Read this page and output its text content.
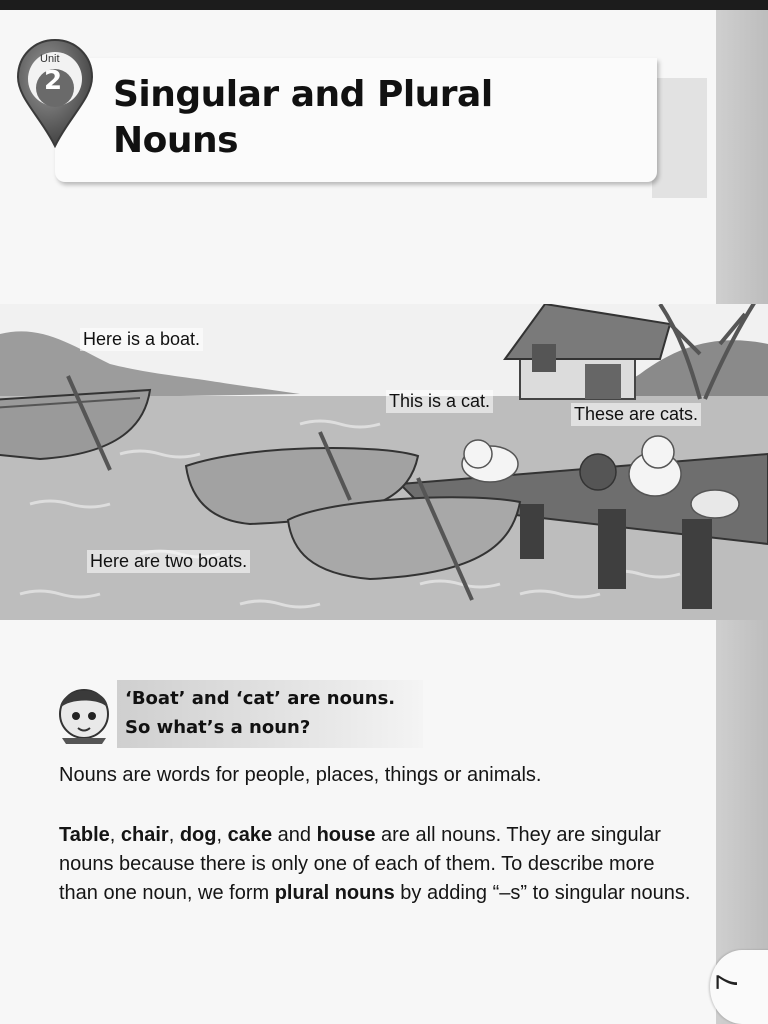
Singular and Plural
Nouns
Unit
2
Here is a boat.
Here are two boats.
This is a cat.
These are cats.
‘Boat’ and ‘cat’ are nouns.
So what’s a noun?
Nouns are words for people, places, things or animals.
Table, chair, dog, cake and house are all nouns. They are singular nouns because there is only one of each of them. To describe more than one noun, we form plural nouns by adding “–s” to singular nouns.
7
